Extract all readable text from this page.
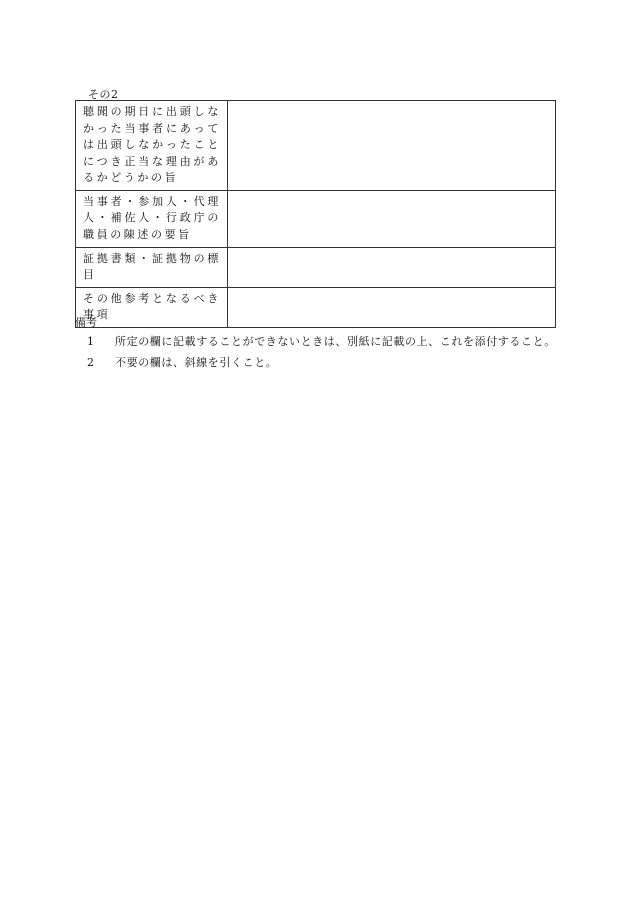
その2
聴聞の期日に出頭しなかった当事者にあっては出頭しなかったことにつき正当な理由があるかどうかの旨	
当事者・参加人・代理人・補佐人・行政庁の職員の陳述の要旨	
証拠書類・証拠物の標目	
その他参考となるべき事項	
備考
1	所定の欄に記載することができないときは、別紙に記載の上、これを添付すること。
2	不要の欄は、斜線を引くこと。
